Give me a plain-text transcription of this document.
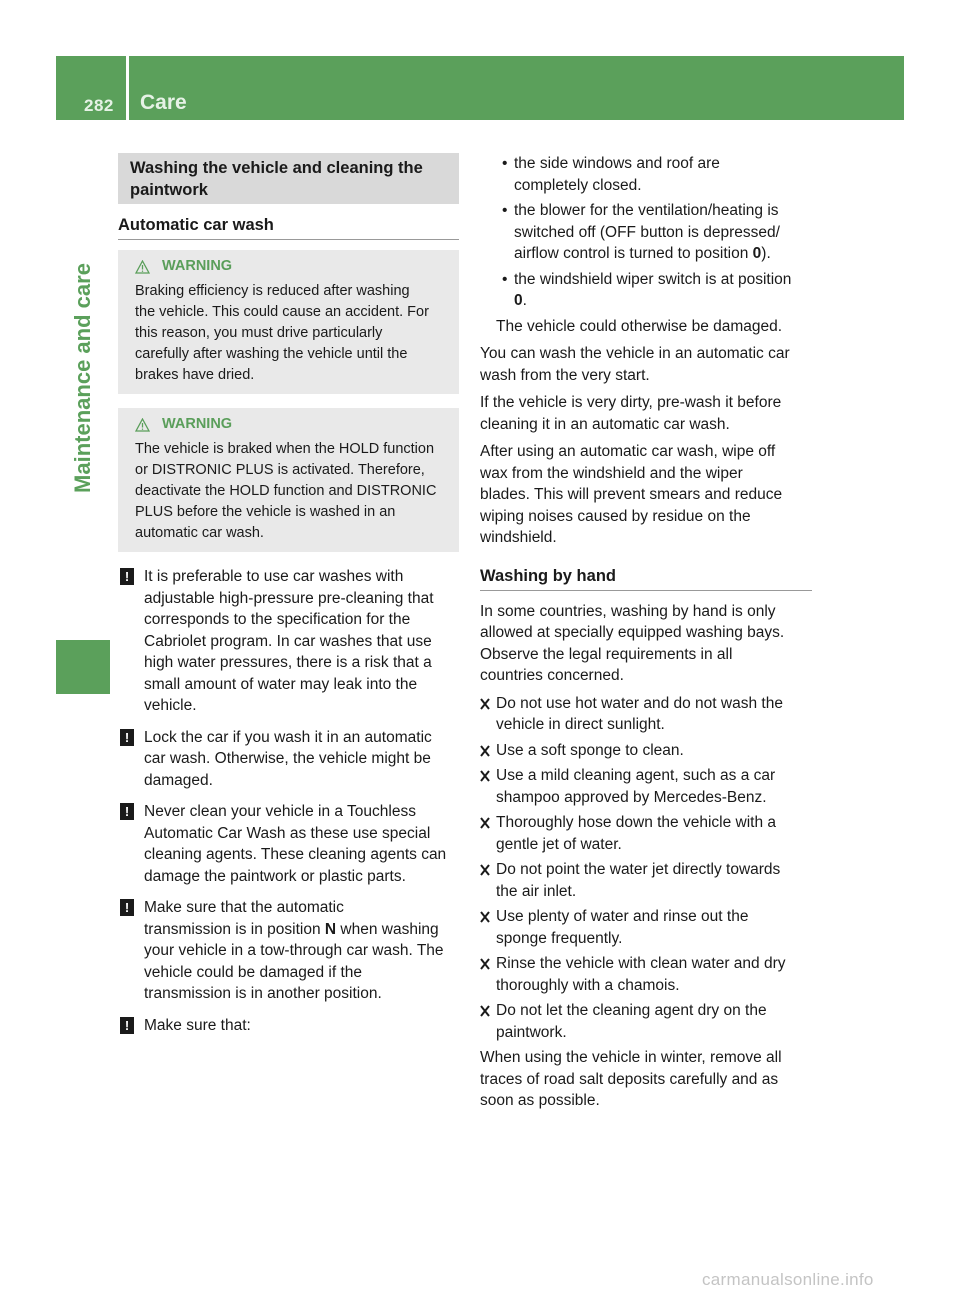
282 Care
Maintenance and care
Washing the vehicle and cleaning the paintwork
Automatic car wash
WARNING
Braking efficiency is reduced after washing
the vehicle. This could cause an accident. For
this reason, you must drive particularly
carefully after washing the vehicle until the
brakes have dried.
WARNING
The vehicle is braked when the HOLD function
or DISTRONIC PLUS is activated. Therefore,
deactivate the HOLD function and DISTRONIC
PLUS before the vehicle is washed in an
automatic car wash.
! It is preferable to use car washes with
adjustable high-pressure pre-cleaning that
corresponds to the specification for the
Cabriolet program. In car washes that use
high water pressures, there is a risk that a
small amount of water may leak into the
vehicle.
! Lock the car if you wash it in an automatic
car wash. Otherwise, the vehicle might be
damaged.
! Never clean your vehicle in a Touchless
Automatic Car Wash as these use special
cleaning agents. These cleaning agents can
damage the paintwork or plastic parts.
! Make sure that the automatic
transmission is in position N when washing
your vehicle in a tow-through car wash. The
vehicle could be damaged if the
transmission is in another position.
! Make sure that:
• the side windows and roof are
completely closed.
• the blower for the ventilation/heating is
switched off (OFF button is depressed/
airflow control is turned to position 0).
• the windshield wiper switch is at position
0.

The vehicle could otherwise be damaged.

You can wash the vehicle in an automatic car
wash from the very start.

If the vehicle is very dirty, pre-wash it before
cleaning it in an automatic car wash.

After using an automatic car wash, wipe off
wax from the windshield and the wiper
blades. This will prevent smears and reduce
wiping noises caused by residue on the
windshield.

Washing by hand

In some countries, washing by hand is only
allowed at specially equipped washing bays.
Observe the legal requirements in all
countries concerned.

Do not use hot water and do not wash the
vehicle in direct sunlight.
Use a soft sponge to clean.
Use a mild cleaning agent, such as a car
shampoo approved by Mercedes-Benz.
Thoroughly hose down the vehicle with a
gentle jet of water.
Do not point the water jet directly towards
the air inlet.
Use plenty of water and rinse out the
sponge frequently.
Rinse the vehicle with clean water and dry
thoroughly with a chamois.
Do not let the cleaning agent dry on the
paintwork.

When using the vehicle in winter, remove all
traces of road salt deposits carefully and as
soon as possible.

carmanualsonline.info
